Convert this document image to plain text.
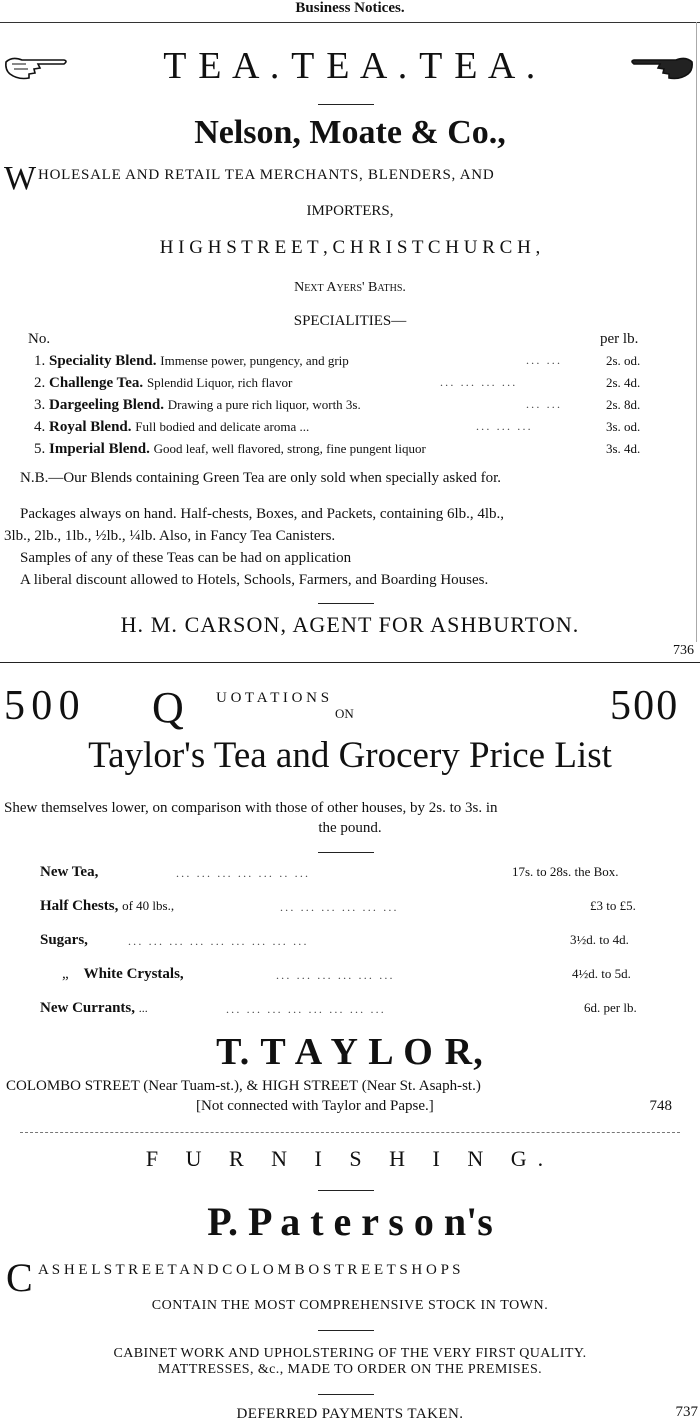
Business Notices.
T E A . T E A . T E A .
Nelson, Moate & Co.,
W HOLESALE AND RETAIL TEA MERCHANTS, BLENDERS, AND
IMPORTERS,
H I G H S T R E E T , C H R I S T C H U R C H ,
Next Ayers' Baths.
SPECIALITIES—
No.	per lb.
1. Speciality Blend. Immense power, pungency, and grip	... ...	2s. od.
2. Challenge Tea. Splendid Liquor, rich flavor	... ... ... ...	2s. 4d.
3. Dargeeling Blend. Drawing a pure rich liquor, worth 3s.	... ...	2s. 8d.
4. Royal Blend. Full bodied and delicate aroma ...	... ... ...	3s. od.
5. Imperial Blend. Good leaf, well flavored, strong, fine pungent liquor	3s. 4d.
N.B.—Our Blends containing Green Tea are only sold when specially asked for.
Packages always on hand. Half-chests, Boxes, and Packets, containing 6lb., 4lb.,
3lb., 2lb., 1lb., ½lb., ¼lb. Also, in Fancy Tea Canisters.
Samples of any of these Teas can be had on application
A liberal discount allowed to Hotels, Schools, Farmers, and Boarding Houses.
H. M. CARSON, AGENT FOR ASHBURTON.
736
500 Q U O T A T I O N S
ON	500
Taylor's Tea and Grocery Price List
Shew themselves lower, on comparison with those of other houses, by 2s. to 3s. in
the pound.
New Tea,	... ... ... ... ... .. ...	17s. to 28s. the Box.
Half Chests, of 40 lbs.,	... ... ... ... ... ...	£3 to £5.
Sugars,	... ... ... ... ... ... ... ... ...	3½d. to 4d.
„ White Crystals,	... ... ... ... ... ...	4½d. to 5d.
New Currants, ...	... ... ... ... ... ... ... ...	6d. per lb.
T. T A Y L O R,
COLOMBO STREET (Near Tuam-st.), & HIGH STREET (Near St. Asaph-st.)
[Not connected with Taylor and Papse.]	748
F U R N I S H I N G.
P. P a t e r s o n's
C A S H E L S T R E E T A N D C O L O M B O S T R E E T S H O P S
CONTAIN THE MOST COMPREHENSIVE STOCK IN TOWN.
CABINET WORK AND UPHOLSTERING OF THE VERY FIRST QUALITY.
MATTRESSES, &c., MADE TO ORDER ON THE PREMISES.
DEFERRED PAYMENTS TAKEN.	737
